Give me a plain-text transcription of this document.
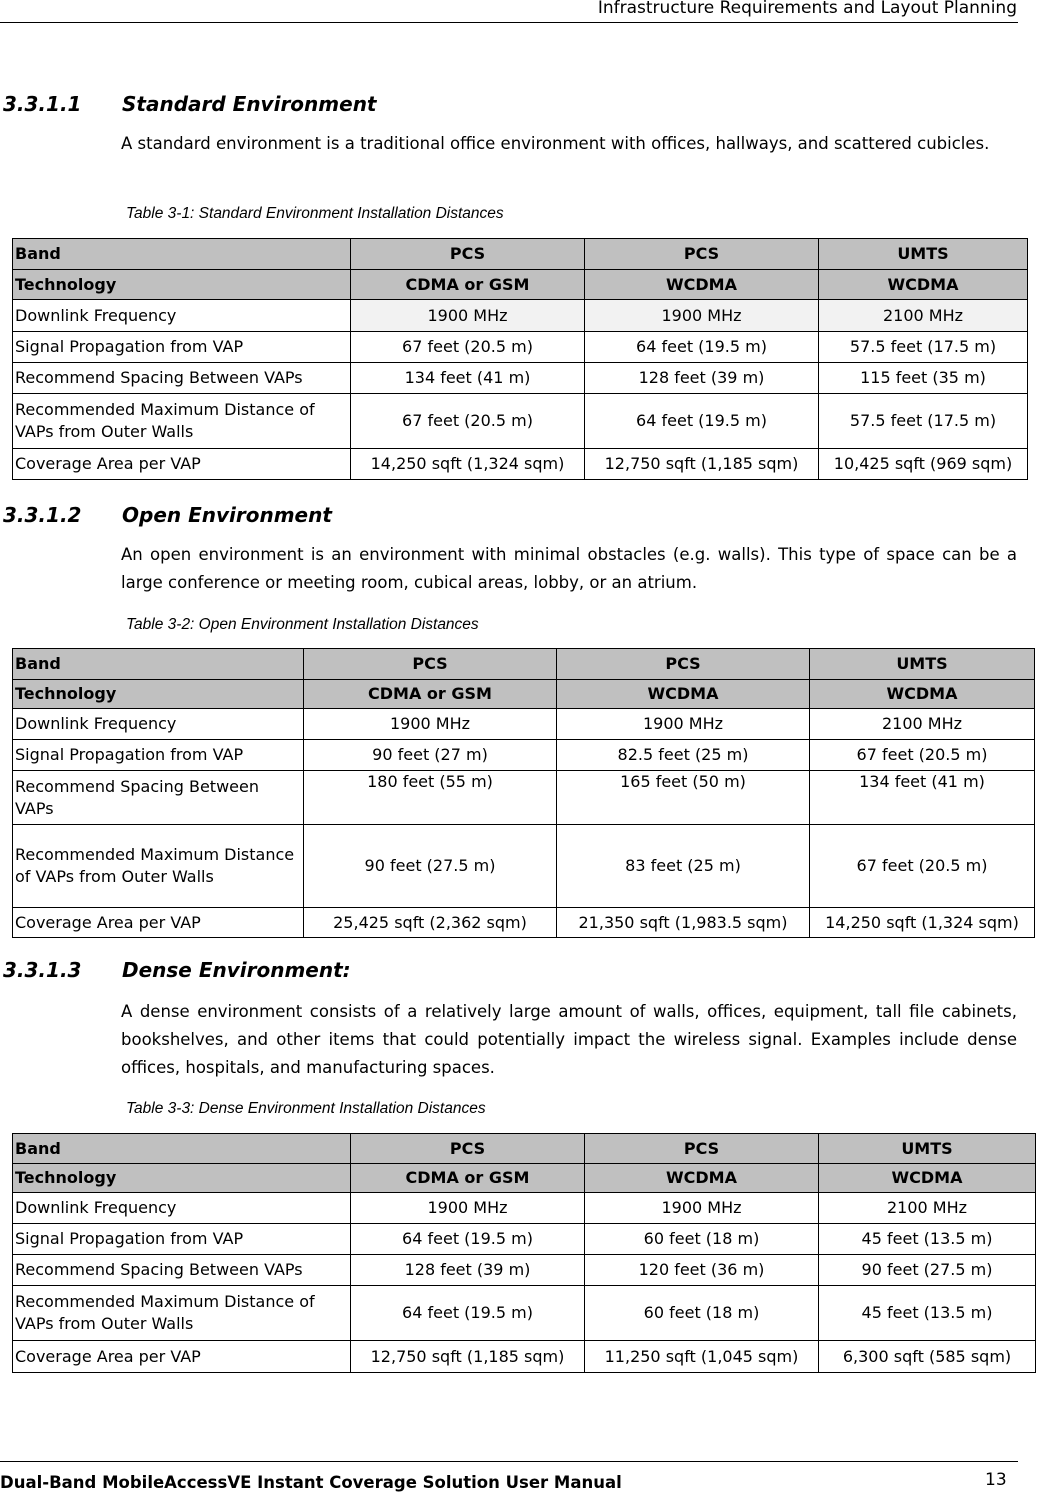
Infrastructure Requirements and Layout Planning
3.3.1.1 Standard Environment

A standard environment is a traditional office environment with offices, hallways, and scattered cubicles.

Table 3-1: Standard Environment Installation Distances
Band	PCS	PCS	UMTS
Technology	CDMA or GSM	WCDMA	WCDMA
Downlink Frequency	1900 MHz	1900 MHz	2100 MHz
Signal Propagation from VAP	67 feet (20.5 m)	64 feet (19.5 m)	57.5 feet (17.5 m)
Recommend Spacing Between VAPs	134 feet (41 m)	128 feet (39 m)	115 feet (35 m)
Recommended Maximum Distance of VAPs from Outer Walls	67 feet (20.5 m)	64 feet (19.5 m)	57.5 feet (17.5 m)
Coverage Area per VAP	14,250 sqft (1,324 sqm)	12,750 sqft (1,185 sqm)	10,425 sqft (969 sqm)
3.3.1.2 Open Environment

An open environment is an environment with minimal obstacles (e.g. walls). This type of space can be a large conference or meeting room, cubical areas, lobby, or an atrium.

Table 3-2: Open Environment Installation Distances
Band	PCS	PCS	UMTS
Technology	CDMA or GSM	WCDMA	WCDMA
Downlink Frequency	1900 MHz	1900 MHz	2100 MHz
Signal Propagation from VAP	90 feet (27 m)	82.5 feet (25 m)	67 feet (20.5 m)
Recommend Spacing Between VAPs	180 feet (55 m)	165 feet (50 m)	134 feet (41 m)
Recommended Maximum Distance of VAPs from Outer Walls	90 feet (27.5 m)	83 feet (25 m)	67 feet (20.5 m)
Coverage Area per VAP	25,425 sqft (2,362 sqm)	21,350 sqft (1,983.5 sqm)	14,250 sqft (1,324 sqm)
3.3.1.3 Dense Environment:

A dense environment consists of a relatively large amount of walls, offices, equipment, tall file cabinets, bookshelves, and other items that could potentially impact the wireless signal. Examples include dense offices, hospitals, and manufacturing spaces.

Table 3-3: Dense Environment Installation Distances
Band	PCS	PCS	UMTS
Technology	CDMA or GSM	WCDMA	WCDMA
Downlink Frequency	1900 MHz	1900 MHz	2100 MHz
Signal Propagation from VAP	64 feet (19.5 m)	60 feet (18 m)	45 feet (13.5 m)
Recommend Spacing Between VAPs	128 feet (39 m)	120 feet (36 m)	90 feet (27.5 m)
Recommended Maximum Distance of VAPs from Outer Walls	64 feet (19.5 m)	60 feet (18 m)	45 feet (13.5 m)
Coverage Area per VAP	12,750 sqft (1,185 sqm)	11,250 sqft (1,045 sqm)	6,300 sqft (585 sqm)
Dual-Band MobileAccessVE Instant Coverage Solution User Manual	13
